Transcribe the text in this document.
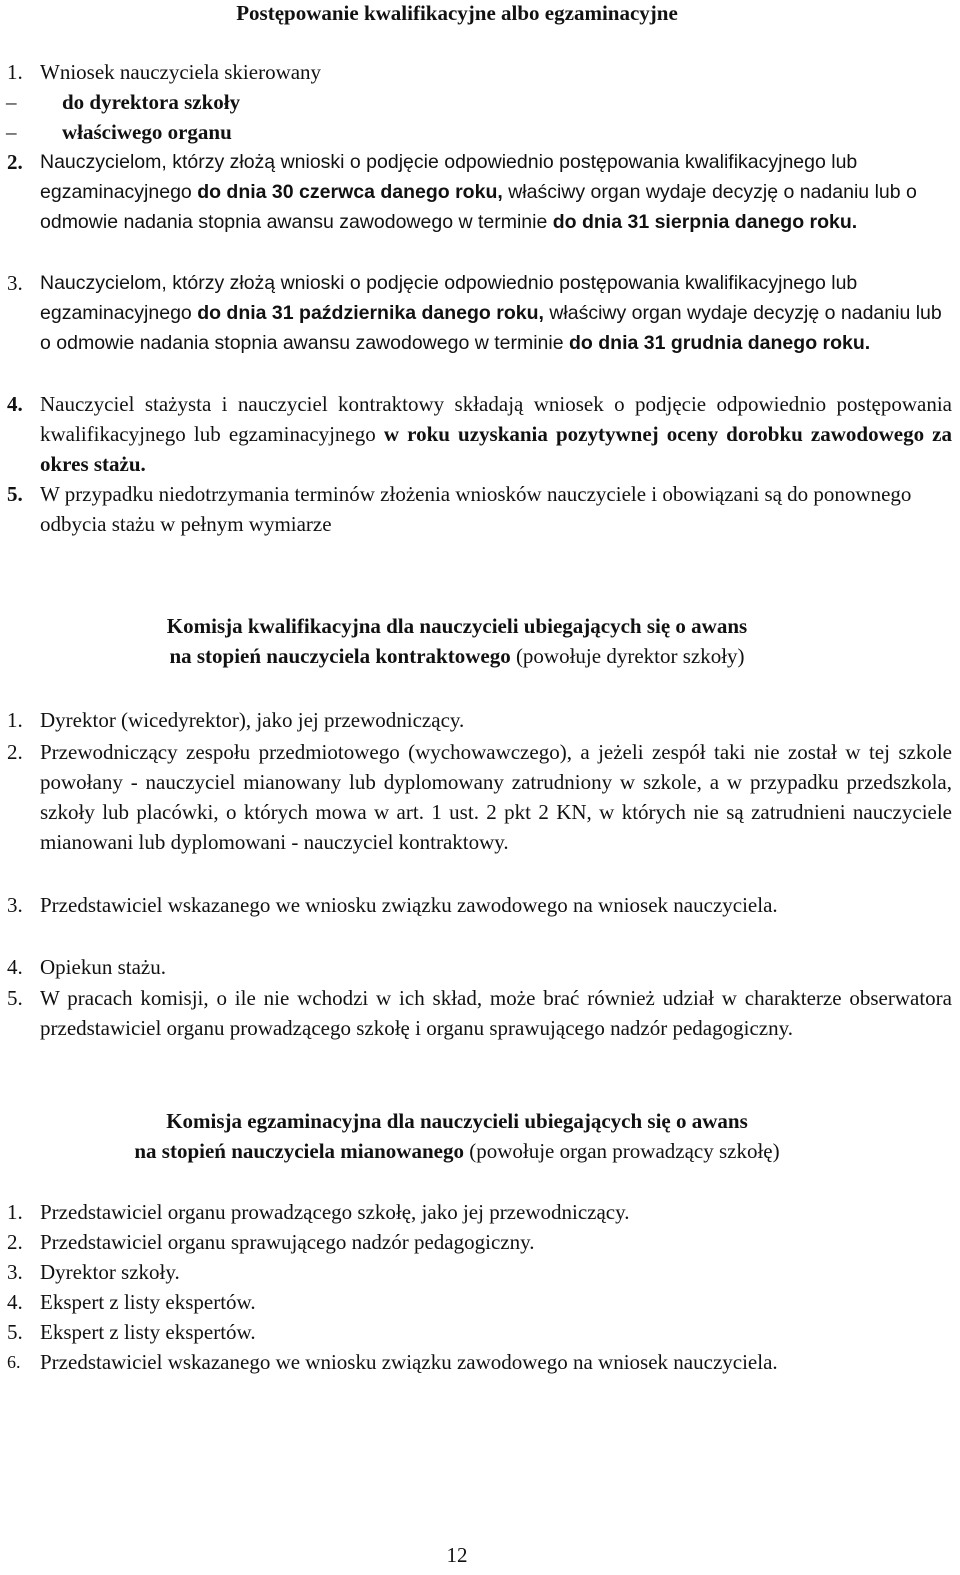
Postępowanie kwalifikacyjne albo egzaminacyjne
1. Wniosek nauczyciela skierowany
– do dyrektora szkoły
– właściwego organu
2. Nauczycielom, którzy złożą wnioski o podjęcie odpowiednio postępowania kwalifikacyjnego lub egzaminacyjnego do dnia 30 czerwca danego roku, właściwy organ wydaje decyzję o nadaniu lub o odmowie nadania stopnia awansu zawodowego w terminie do dnia 31 sierpnia danego roku.
3. Nauczycielom, którzy złożą wnioski o podjęcie odpowiednio postępowania kwalifikacyjnego lub egzaminacyjnego do dnia 31 października danego roku, właściwy organ wydaje decyzję o nadaniu lub o odmowie nadania stopnia awansu zawodowego w terminie do dnia 31 grudnia danego roku.
4. Nauczyciel stażysta i nauczyciel kontraktowy składają wniosek o podjęcie odpowiednio postępowania kwalifikacyjnego lub egzaminacyjnego w roku uzyskania pozytywnej oceny dorobku zawodowego za okres stażu.
5. W przypadku niedotrzymania terminów złożenia wniosków nauczyciele i obowiązani są do ponownego odbycia stażu w pełnym wymiarze
Komisja kwalifikacyjna dla nauczycieli ubiegających się o awans
na stopień nauczyciela kontraktowego (powołuje dyrektor szkoły)
1. Dyrektor (wicedyrektor), jako jej przewodniczący.
2. Przewodniczący zespołu przedmiotowego (wychowawczego), a jeżeli zespół taki nie został w tej szkole powołany - nauczyciel mianowany lub dyplomowany zatrudniony w szkole, a w przypadku przedszkola, szkoły lub placówki, o których mowa w art. 1 ust. 2 pkt 2 KN, w których nie są zatrudnieni nauczyciele mianowani lub dyplomowani - nauczyciel kontraktowy.
3. Przedstawiciel wskazanego we wniosku związku zawodowego na wniosek nauczyciela.
4. Opiekun stażu.
5. W pracach komisji, o ile nie wchodzi w ich skład, może brać również udział w charakterze obserwatora przedstawiciel organu prowadzącego szkołę i organu sprawującego nadzór pedagogiczny.
Komisja egzaminacyjna dla nauczycieli ubiegających się o awans
na stopień nauczyciela mianowanego (powołuje organ prowadzący szkołę)
1. Przedstawiciel organu prowadzącego szkołę, jako jej przewodniczący.
2. Przedstawiciel organu sprawującego nadzór pedagogiczny.
3. Dyrektor szkoły.
4. Ekspert z listy ekspertów.
5. Ekspert z listy ekspertów.
6. Przedstawiciel wskazanego we wniosku związku zawodowego na wniosek nauczyciela.
12
